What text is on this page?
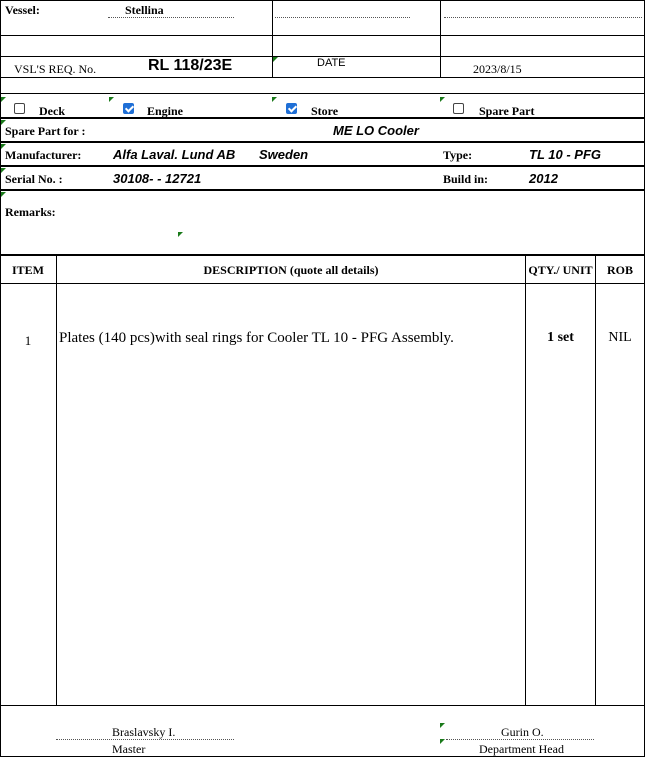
Vessel:	Stellina
VSL'S REQ. No.	RL 118/23E	DATE	2023/8/15
Deck	Engine	Store	Spare Part
Spare Part for :	ME LO Cooler
Manufacturer: Alfa Laval. Lund AB Sweden	Type:	TL 10 - PFG
Serial No. :	30108- - 12721	Build in:	2012
Remarks:
ITEM	DESCRIPTION (quote all details)	QTY./ UNIT	ROB
1	Plates (140 pcs)with seal rings for Cooler TL 10 - PFG Assembly.	1 set	NIL
Braslavsky I.
Master
Gurin O.
Department Head
